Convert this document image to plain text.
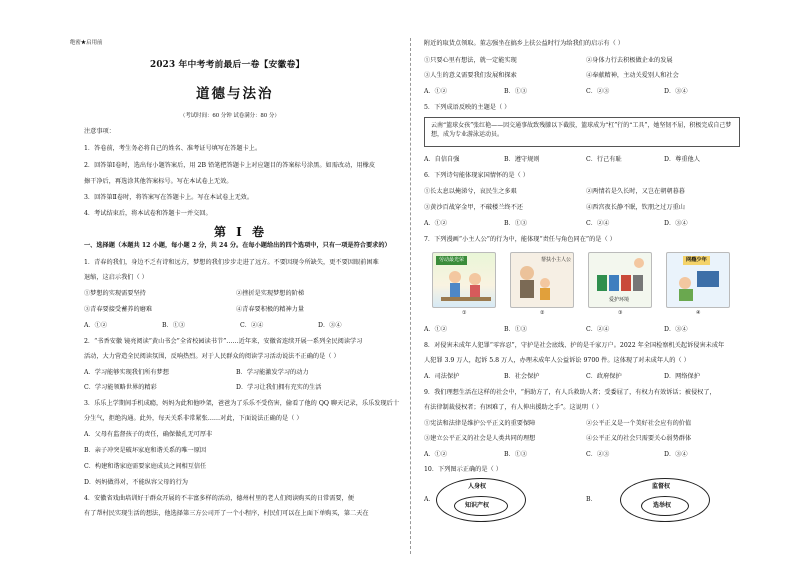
绝密★启用前
2023 年中考考前最后一卷【安徽卷】
道德与法治
（考试时间：60 分钟 试卷满分：80 分）
注意事项：
1．答卷前，考生务必将自己的姓名、准考证号填写在答题卡上。
2．回答第Ⅰ卷时，选出每小题答案后，用 2B 铅笔把答题卡上对应题目的答案标号涂黑。如需改动，用橡皮
擦干净后，再选涂其他答案标号。写在本试卷上无效。
3．回答第Ⅱ卷时，将答案写在答题卡上。写在本试卷上无效。
4．考试结束后，将本试卷和答题卡一并交回。
第 Ⅰ 卷
一、选择题（本题共 12 小题，每小题 2 分，共 24 分。在每小题给出的四个选项中，只有一项是符合要求的）
1．青春的我们，身边不乏有诗和远方，梦想的我们步步走进了远方。不要因现今所缺失，更不要因眼前困难
退缩，这启示我们（ ）
①梦想的实现需要坚持	②挫折是实现梦想的阶梯
③青春要接受蓄养的磨难	④青春要积极的精神力量
A．①②	B．①③	C．②④	D．③④
2．“书香安徽 镜亮阅读”黄山书会”全省校园读书节”……近年来，安徽省连续开展一系列全民阅读学习
活动，大力营造全民阅读氛围，反响热烈。对于人民群众的阅读学习活动说法不正确的是（ ）
A．学习能够实现我们所有梦想	B．学习能激发学习的动力
C．学习能领略世界的精彩	D．学习让我们拥有充实的生活
3．乐乐上学期间手机成瘾，妈妈为此和他吵架，爸爸为了乐乐不受伤害，偷看了他的 QQ 聊天记录，乐乐发现后十
分生气，拒绝沟通。此外，每天关系非常紧张……对此，下面说法正确的是（ ）
A．父母有监督孩子的责任，确保做孔无可厚非
B．亲子冲突是破坏家庭和谐关系的唯一原因
C．构建和谐家庭需要家庭成员之间相互信任
D．妈妈做得对，不能纵容父母的行为
4．安徽省戏曲培训好于群众开展的不丰富多样的活动，德州村里的老人们阅读购买的日常需要，便
有了帮村民实现生活的想法，他选择第三方公司开了一个小程序，村民们可以在上面下单购买，第二天在
附近的取货点领取。董志强坐在搞乡上扶公益时行为给我们的启示有（ ）
①只要心里有想法，就一定能实现	②身体力行去积极做企业的发展
③人生的意义需要我们发展和探索	④奉献精神，主动关爱别人和社会
A．①②	B．①③	C．②③	D．③④
5．下列成语反映的主题是（ ）
云南“篮球女孩”张红艳——因交通事故致残膝以下截肢，篮球成为“杠”行的“工具”，她坚韧不屈，积极完成自己梦想，成为专业游泳运动员。
A．自信自强	B．遵守规则	C．行己有耻	D．尊重他人
6．下列诗句能体现家国情怀的是（ ）
①长太息以掩涕兮，哀民生之多艰	②两情若是久长时，又岂在朝朝暮暮
③黄沙百战穿金甲，不破楼兰终不还	④西宫夜长静不眠，钦朋之过万重山
A．①②	B．①③	C．②④	D．③④
7．下列漫画“小主人公”的行为中，能体现“责任与角色同在”的是（ ）
劳动最光荣	帮扶小主人公
爱护环境
网瘾少年
①	②	③	④
A．①②	B．①③	C．②④	D．③④
8．对侵害未成年人犯罪“零容忍”，守护是社会底线、护的是千家万户。2022 年全国检察机关起诉侵害未成年
人犯罪 3.9 万人，起诉 5.8 万人，办理未成年人公益诉讼 9700 件。这体现了对未成年人的（ ）
A．司法保护	B．社会保护	C．政府保护	D．网络保护
9．我们理想生活在这样的社会中，“捐助方了，有人兵救助人者；受委屈了，有权力有效诉话；被侵权了，
有法律制裁侵权者；有困难了，有人伸出援助之手”。这说明（ ）
①宪法和法律是维护公平正义的重要保障	②公平正义是一个美好社会应有的价值
③建立公平正义的社会是人类共同的理想	④公平正义的社会只需要关心弱势群体
A．①②	B．①③	C．②③	D．③④
10．下列图示正确的是（ ）
A．
人身权
知识产权
B．
监督权
选举权
